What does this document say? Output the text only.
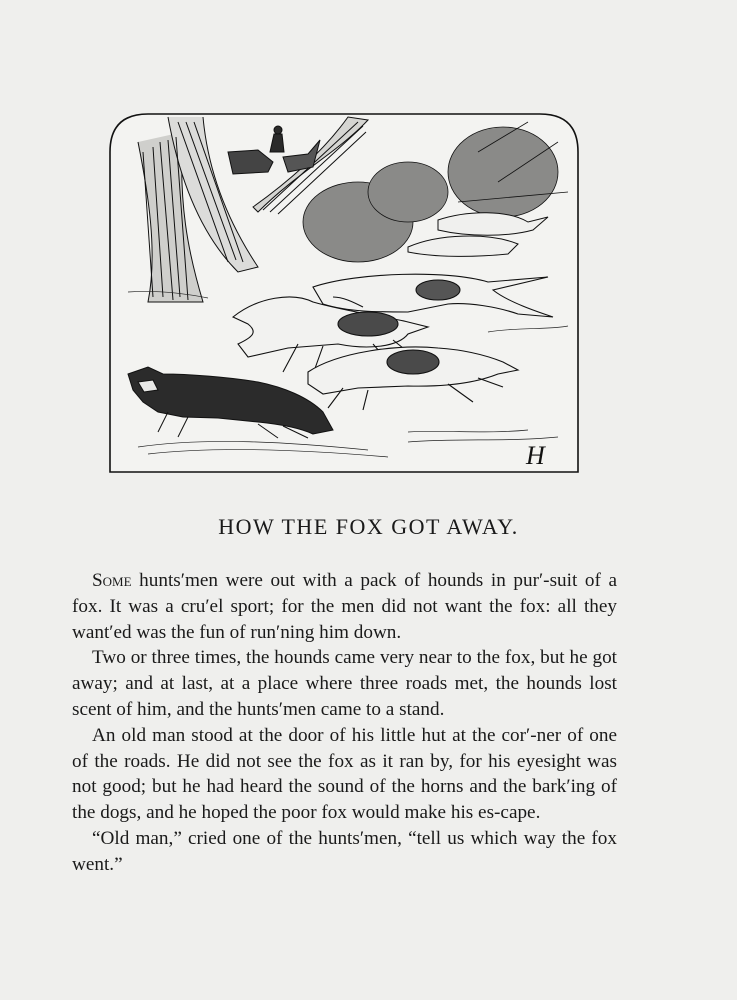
H
HOW THE FOX GOT AWAY.

Some hunts′men were out with a pack of hounds in pur′-suit of a fox. It was a cru′el sport; for the men did not want the fox: all they want′ed was the fun of run′ning him down.

Two or three times, the hounds came very near to the fox, but he got away; and at last, at a place where three roads met, the hounds lost scent of him, and the hunts′men came to a stand.

An old man stood at the door of his little hut at the cor′-ner of one of the roads. He did not see the fox as it ran by, for his eyesight was not good; but he had heard the sound of the horns and the bark′ing of the dogs, and he hoped the poor fox would make his es-cape.

“Old man,” cried one of the hunts′men, “tell us which way the fox went.”
